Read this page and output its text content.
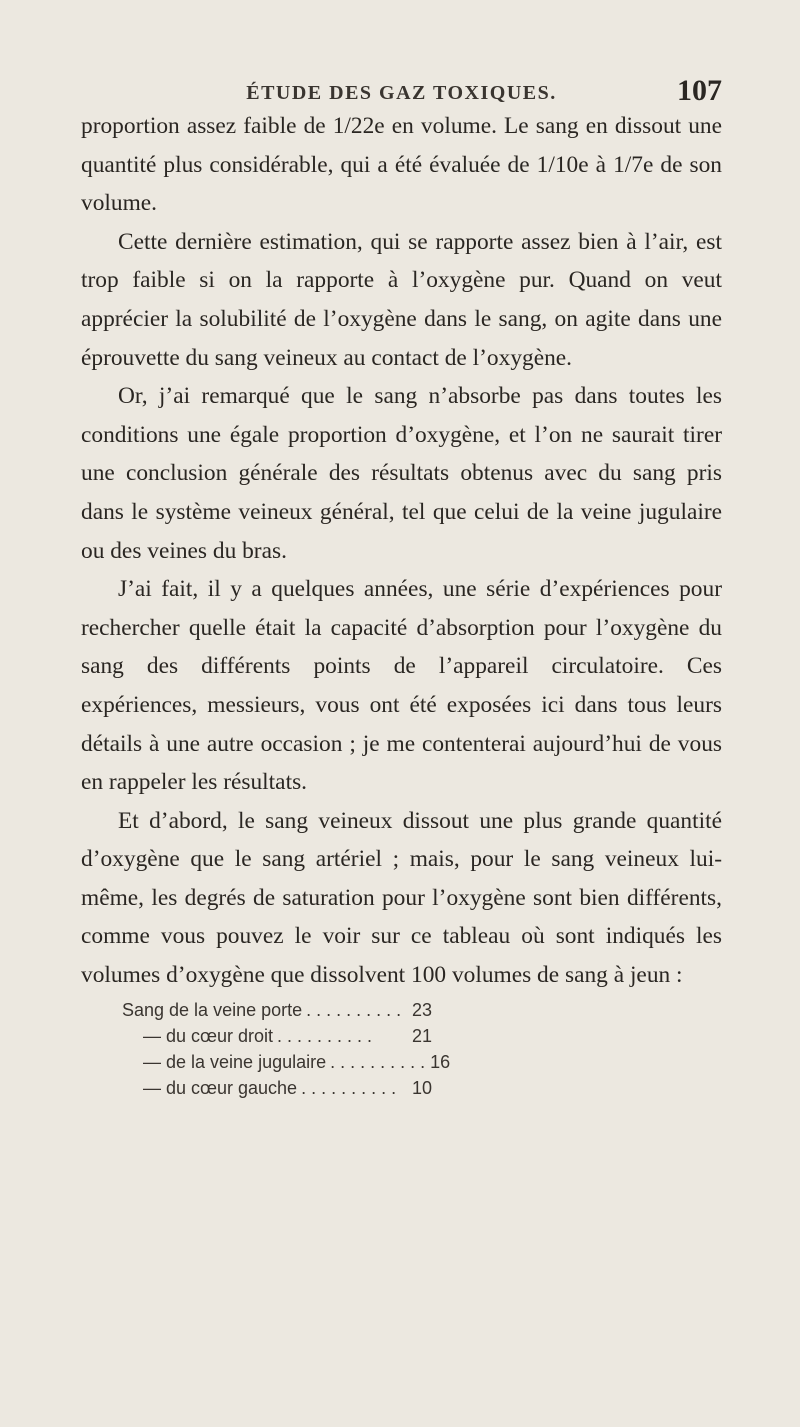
ÉTUDE DES GAZ TOXIQUES.	107

proportion assez faible de 1/22e en volume. Le sang en dissout une quantité plus considérable, qui a été évaluée de 1/10e à 1/7e de son volume.

Cette dernière estimation, qui se rapporte assez bien à l’air, est trop faible si on la rapporte à l’oxygène pur. Quand on veut apprécier la solubilité de l’oxygène dans le sang, on agite dans une éprouvette du sang veineux au contact de l’oxygène.

Or, j’ai remarqué que le sang n’absorbe pas dans toutes les conditions une égale proportion d’oxygène, et l’on ne saurait tirer une conclusion générale des résultats obtenus avec du sang pris dans le système veineux général, tel que celui de la veine jugulaire ou des veines du bras.

J’ai fait, il y a quelques années, une série d’expériences pour rechercher quelle était la capacité d’absorption pour l’oxygène du sang des différents points de l’appareil circulatoire. Ces expériences, messieurs, vous ont été exposées ici dans tous leurs détails à une autre occasion ; je me contenterai aujourd’hui de vous en rappeler les résultats.

Et d’abord, le sang veineux dissout une plus grande quantité d’oxygène que le sang artériel ; mais, pour le sang veineux lui-même, les degrés de saturation pour l’oxygène sont bien différents, comme vous pouvez le voir sur ce tableau où sont indiqués les volumes d’oxygène que dissolvent 100 volumes de sang à jeun :

Sang de la veine porte .......... 23
— du cœur droit ..........	21
— de la veine jugulaire .......... 16
— du cœur gauche .......... 10
